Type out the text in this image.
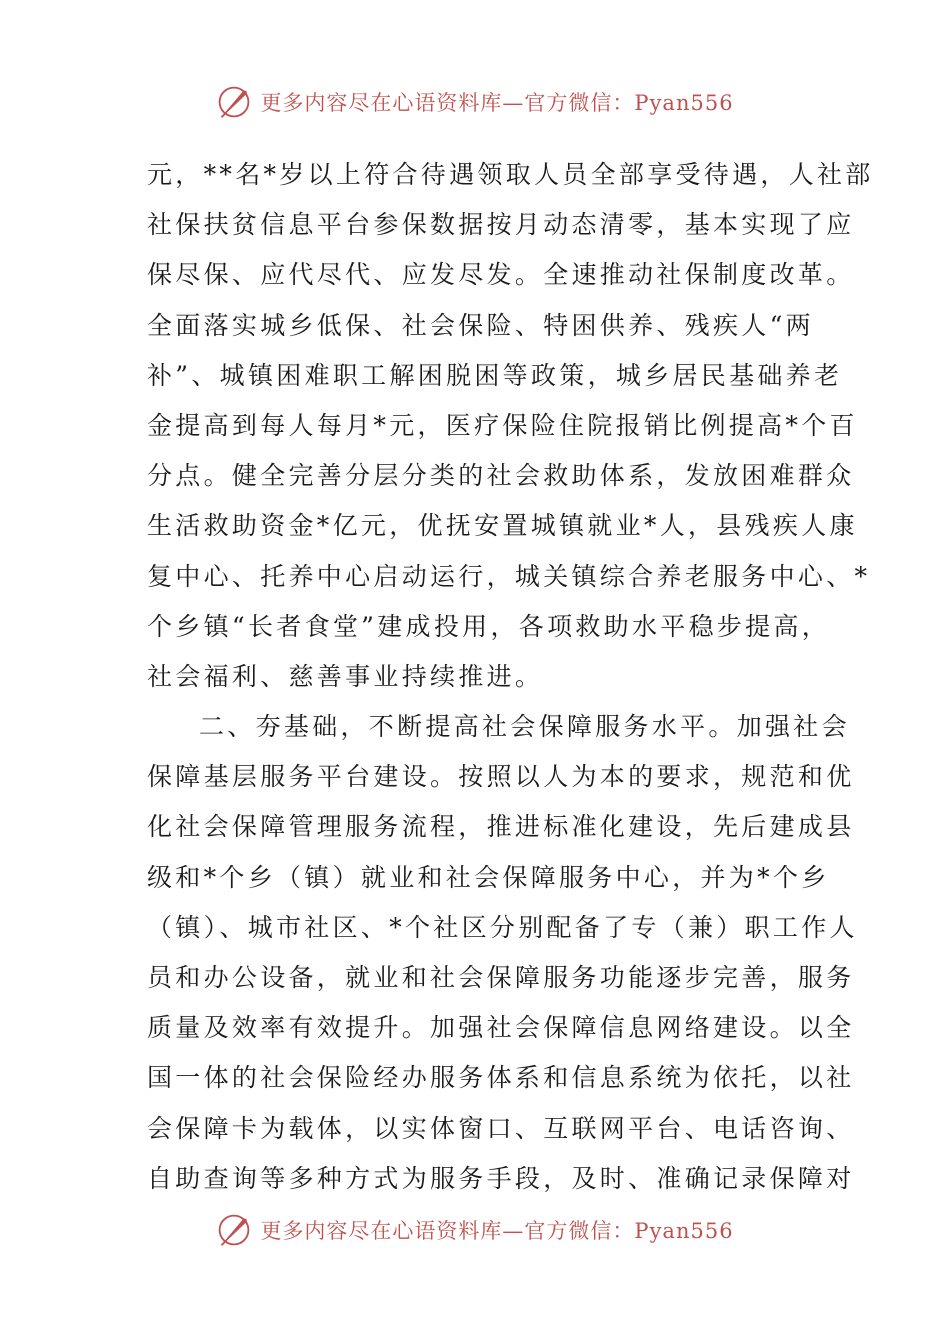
更多内容尽在心语资料库—官方微信：Pyan556
元，**名*岁以上符合待遇领取人员全部享受待遇，人社部
社保扶贫信息平台参保数据按月动态清零，基本实现了应
保尽保、应代尽代、应发尽发。全速推动社保制度改革。
全面落实城乡低保、社会保险、特困供养、残疾人“两
补”、城镇困难职工解困脱困等政策，城乡居民基础养老
金提高到每人每月*元，医疗保险住院报销比例提高*个百
分点。健全完善分层分类的社会救助体系，发放困难群众
生活救助资金*亿元，优抚安置城镇就业*人，县残疾人康
复中心、托养中心启动运行，城关镇综合养老服务中心、*
个乡镇“长者食堂”建成投用，各项救助水平稳步提高，
社会福利、慈善事业持续推进。
二、夯基础，不断提高社会保障服务水平。加强社会
保障基层服务平台建设。按照以人为本的要求，规范和优
化社会保障管理服务流程，推进标准化建设，先后建成县
级和*个乡（镇）就业和社会保障服务中心，并为*个乡
（镇）、城市社区、*个社区分别配备了专（兼）职工作人
员和办公设备，就业和社会保障服务功能逐步完善，服务
质量及效率有效提升。加强社会保障信息网络建设。以全
国一体的社会保险经办服务体系和信息系统为依托，以社
会保障卡为载体，以实体窗口、互联网平台、电话咨询、
自助查询等多种方式为服务手段，及时、准确记录保障对
更多内容尽在心语资料库—官方微信：Pyan556
